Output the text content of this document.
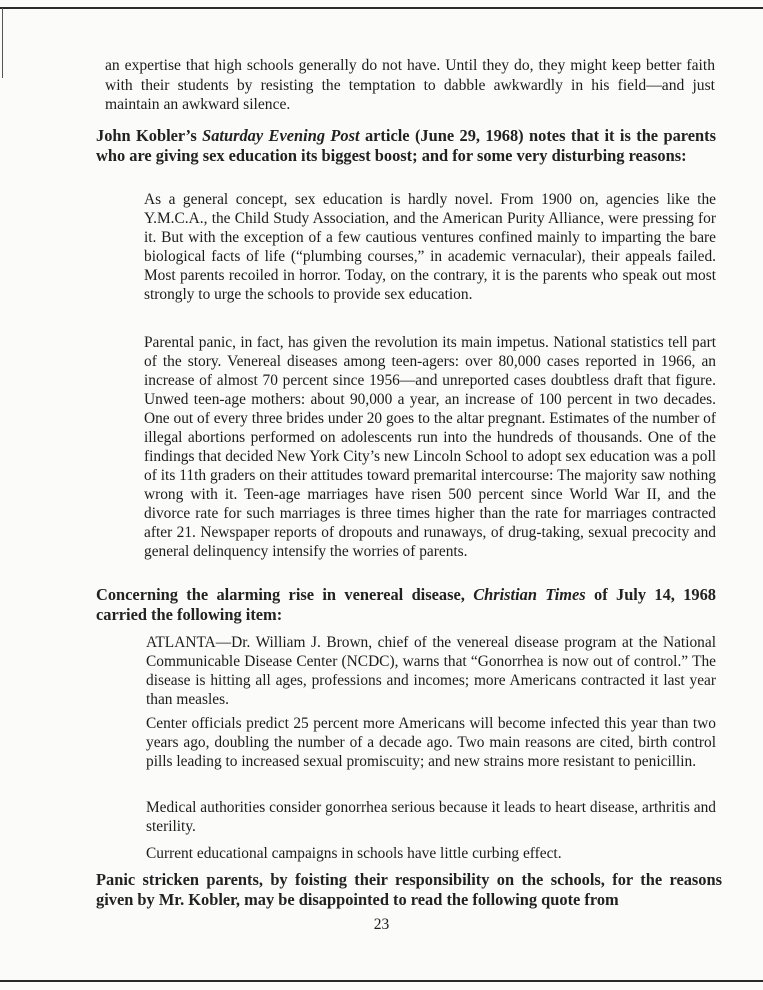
an expertise that high schools generally do not have. Until they do, they might keep better faith with their students by resisting the temptation to dabble awkwardly in his field—and just maintain an awkward silence.

John Kobler’s Saturday Evening Post article (June 29, 1968) notes that it is the parents who are giving sex education its biggest boost; and for some very disturbing reasons:

As a general concept, sex education is hardly novel. From 1900 on, agencies like the Y.M.C.A., the Child Study Association, and the American Purity Alliance, were pressing for it. But with the exception of a few cautious ventures confined mainly to imparting the bare biological facts of life (“plumbing courses,” in academic vernacular), their appeals failed. Most parents recoiled in horror. Today, on the contrary, it is the parents who speak out most strongly to urge the schools to provide sex education.

Parental panic, in fact, has given the revolution its main impetus. National statistics tell part of the story. Venereal diseases among teen-agers: over 80,000 cases reported in 1966, an increase of almost 70 percent since 1956—and unreported cases doubtless draft that figure. Unwed teen-age mothers: about 90,000 a year, an increase of 100 percent in two decades. One out of every three brides under 20 goes to the altar pregnant. Estimates of the number of illegal abortions performed on adolescents run into the hundreds of thousands. One of the findings that decided New York City’s new Lincoln School to adopt sex education was a poll of its 11th graders on their attitudes toward premarital intercourse: The majority saw nothing wrong with it. Teen-age marriages have risen 500 percent since World War II, and the divorce rate for such marriages is three times higher than the rate for marriages contracted after 21. Newspaper reports of dropouts and runaways, of drug-taking, sexual precocity and general delinquency intensify the worries of parents.

Concerning the alarming rise in venereal disease, Christian Times of July 14, 1968 carried the following item:

ATLANTA—Dr. William J. Brown, chief of the venereal disease program at the National Communicable Disease Center (NCDC), warns that “Gonorrhea is now out of control.” The disease is hitting all ages, professions and incomes; more Americans contracted it last year than measles.

Center officials predict 25 percent more Americans will become infected this year than two years ago, doubling the number of a decade ago. Two main reasons are cited, birth control pills leading to increased sexual promiscuity; and new strains more resistant to penicillin.

Medical authorities consider gonorrhea serious because it leads to heart disease, arthritis and sterility.

Current educational campaigns in schools have little curbing effect.

Panic stricken parents, by foisting their responsibility on the schools, for the reasons given by Mr. Kobler, may be disappointed to read the following quote from

23
